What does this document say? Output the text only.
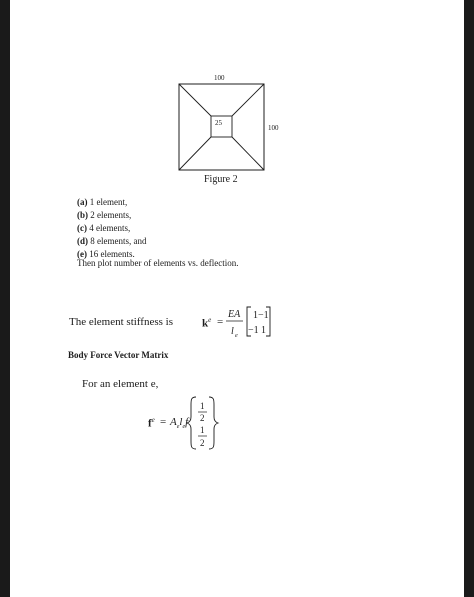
100
100
25
Figure 2
(a) 1 element,
(b) 2 elements,
(c) 4 elements,
(d) 8 elements, and
(e) 16 elements.
Then plot number of elements vs. deflection.
The element stiffness is	$k^e$ =
EA
l e
1 −1
−1 1
Body Force Vector Matrix
For an element e,
$f^e = A_el_ef$
1
2
1
2
